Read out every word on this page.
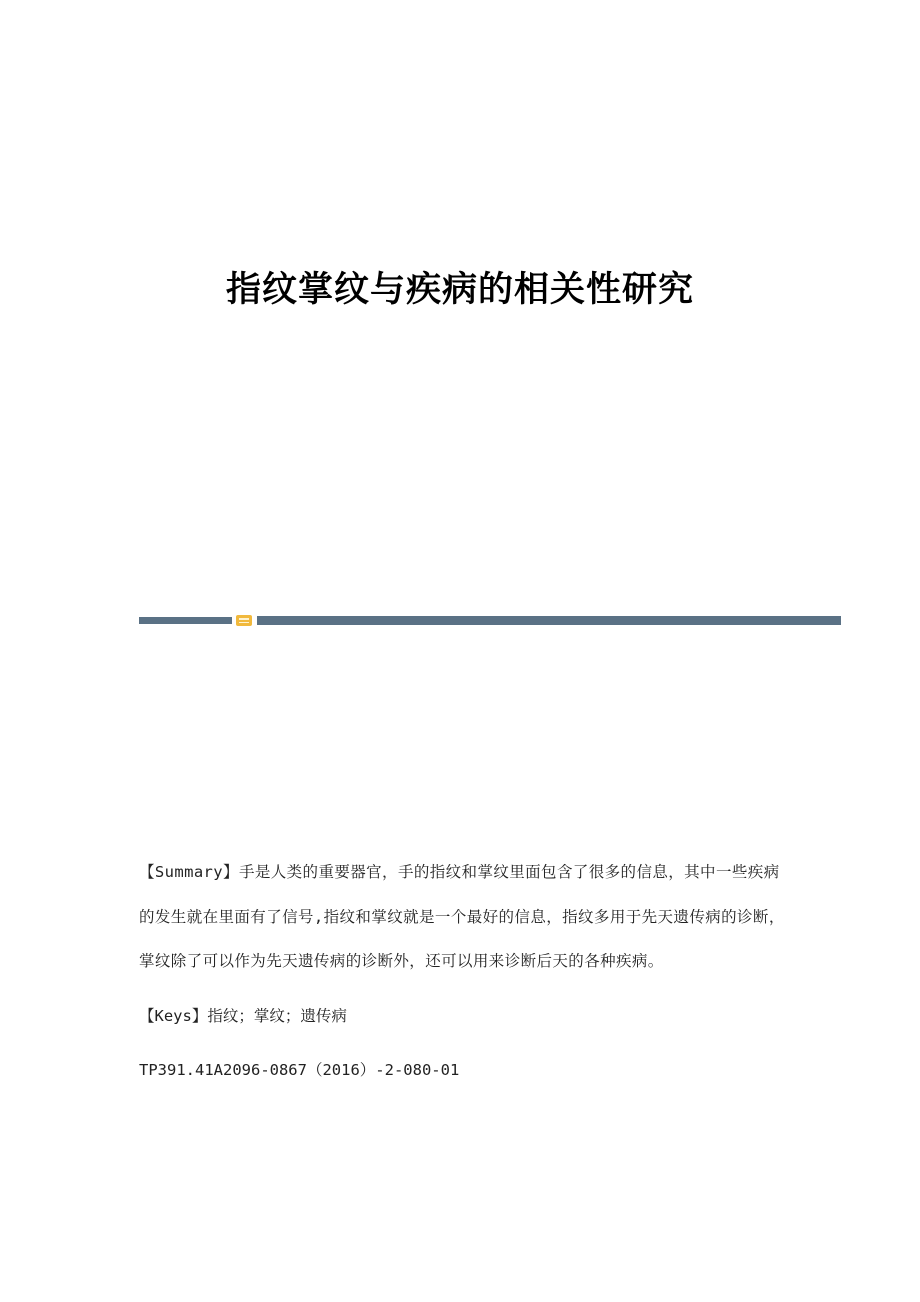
指纹掌纹与疾病的相关性研究

【Summary】手是人类的重要器官，手的指纹和掌纹里面包含了很多的信息，其中一些疾病的发生就在里面有了信号,指纹和掌纹就是一个最好的信息，指纹多用于先天遗传病的诊断，掌纹除了可以作为先天遗传病的诊断外，还可以用来诊断后天的各种疾病。

【Keys】指纹；掌纹；遗传病

TP391.41A2096-0867（2016）-2-080-01
